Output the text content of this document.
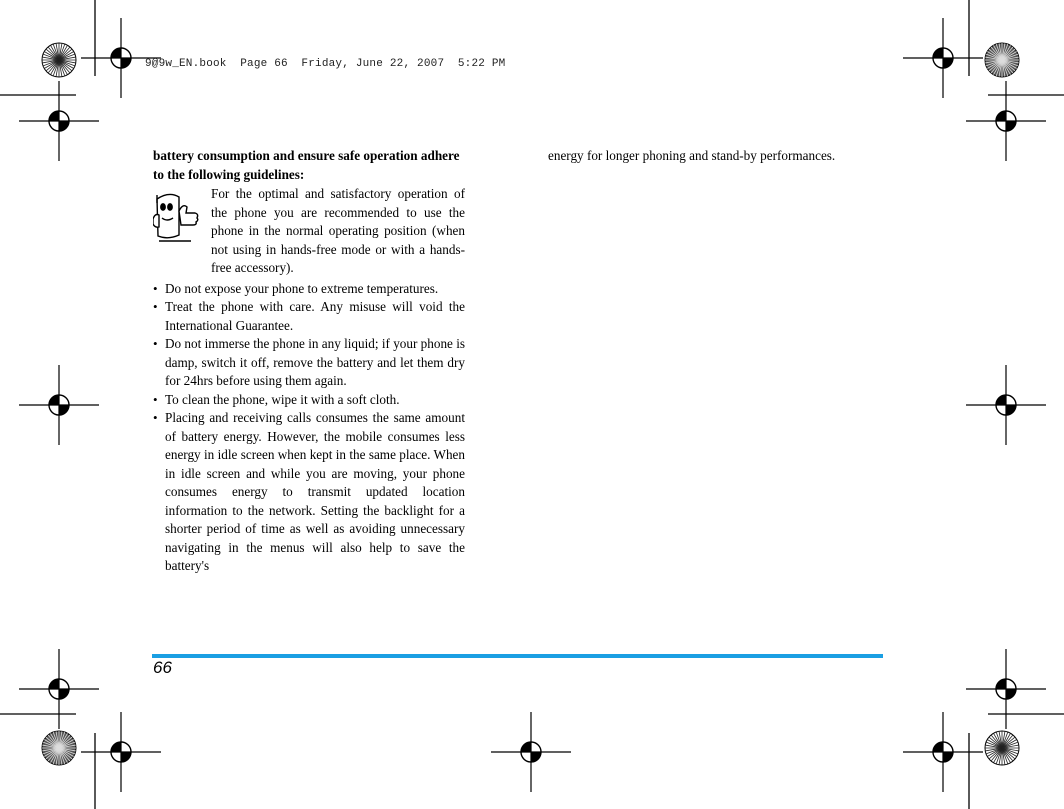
9@9w_EN.book  Page 66  Friday, June 22, 2007  5:22 PM
battery consumption and ensure safe operation adhere to the following guidelines:
For the optimal and satisfactory operation of the phone you are recommended to use the phone in the normal operating position (when not using in hands-free mode or with a hands-free accessory).
• Do not expose your phone to extreme temperatures.
• Treat the phone with care. Any misuse will void the International Guarantee.
• Do not immerse the phone in any liquid; if your phone is damp, switch it off, remove the battery and let them dry for 24hrs before using them again.
• To clean the phone, wipe it with a soft cloth.
• Placing and receiving calls consumes the same amount of battery energy. However, the mobile consumes less energy in idle screen when kept in the same place. When in idle screen and while you are moving, your phone consumes energy to transmit updated location information to the network. Setting the backlight for a shorter period of time as well as avoiding unnecessary navigating in the menus will also help to save the battery's
energy for longer phoning and stand-by performances.
66
